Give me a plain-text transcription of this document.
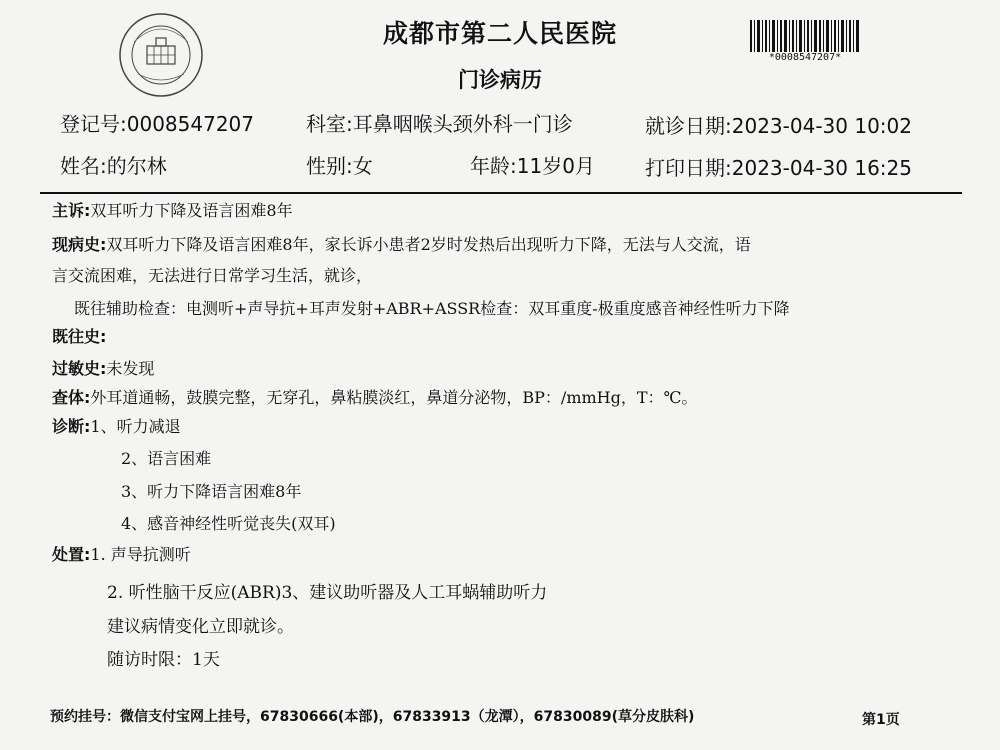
成都市第二人民医院
门诊病历
*0008547207*
登记号:0008547207	科室:耳鼻咽喉头颈外科一门诊	就诊日期:2023-04-30 10:02
姓名:的尔林	性别:女	年龄:11岁0月	打印日期:2023-04-30 16:25
主诉:双耳听力下降及语言困难8年
现病史:双耳听力下降及语言困难8年，家长诉小患者2岁时发热后出现听力下降，无法与人交流，语
言交流困难，无法进行日常学习生活，就诊，
既往辅助检查：电测听+声导抗+耳声发射+ABR+ASSR检查：双耳重度-极重度感音神经性听力下降
既往史:
过敏史:未发现
查体:外耳道通畅，鼓膜完整，无穿孔，鼻粘膜淡红，鼻道分泌物，BP：/mmHg，T：℃。
诊断:1、听力减退
2、语言困难
3、听力下降语言困难8年
4、感音神经性听觉丧失(双耳)
处置:1. 声导抗测听
2. 听性脑干反应(ABR)3、建议助听器及人工耳蜗辅助听力
建议病情变化立即就诊。
随访时限：1天
预约挂号：微信支付宝网上挂号，67830666(本部)，67833913（龙潭），67830089(草分皮肤科)	第1页
